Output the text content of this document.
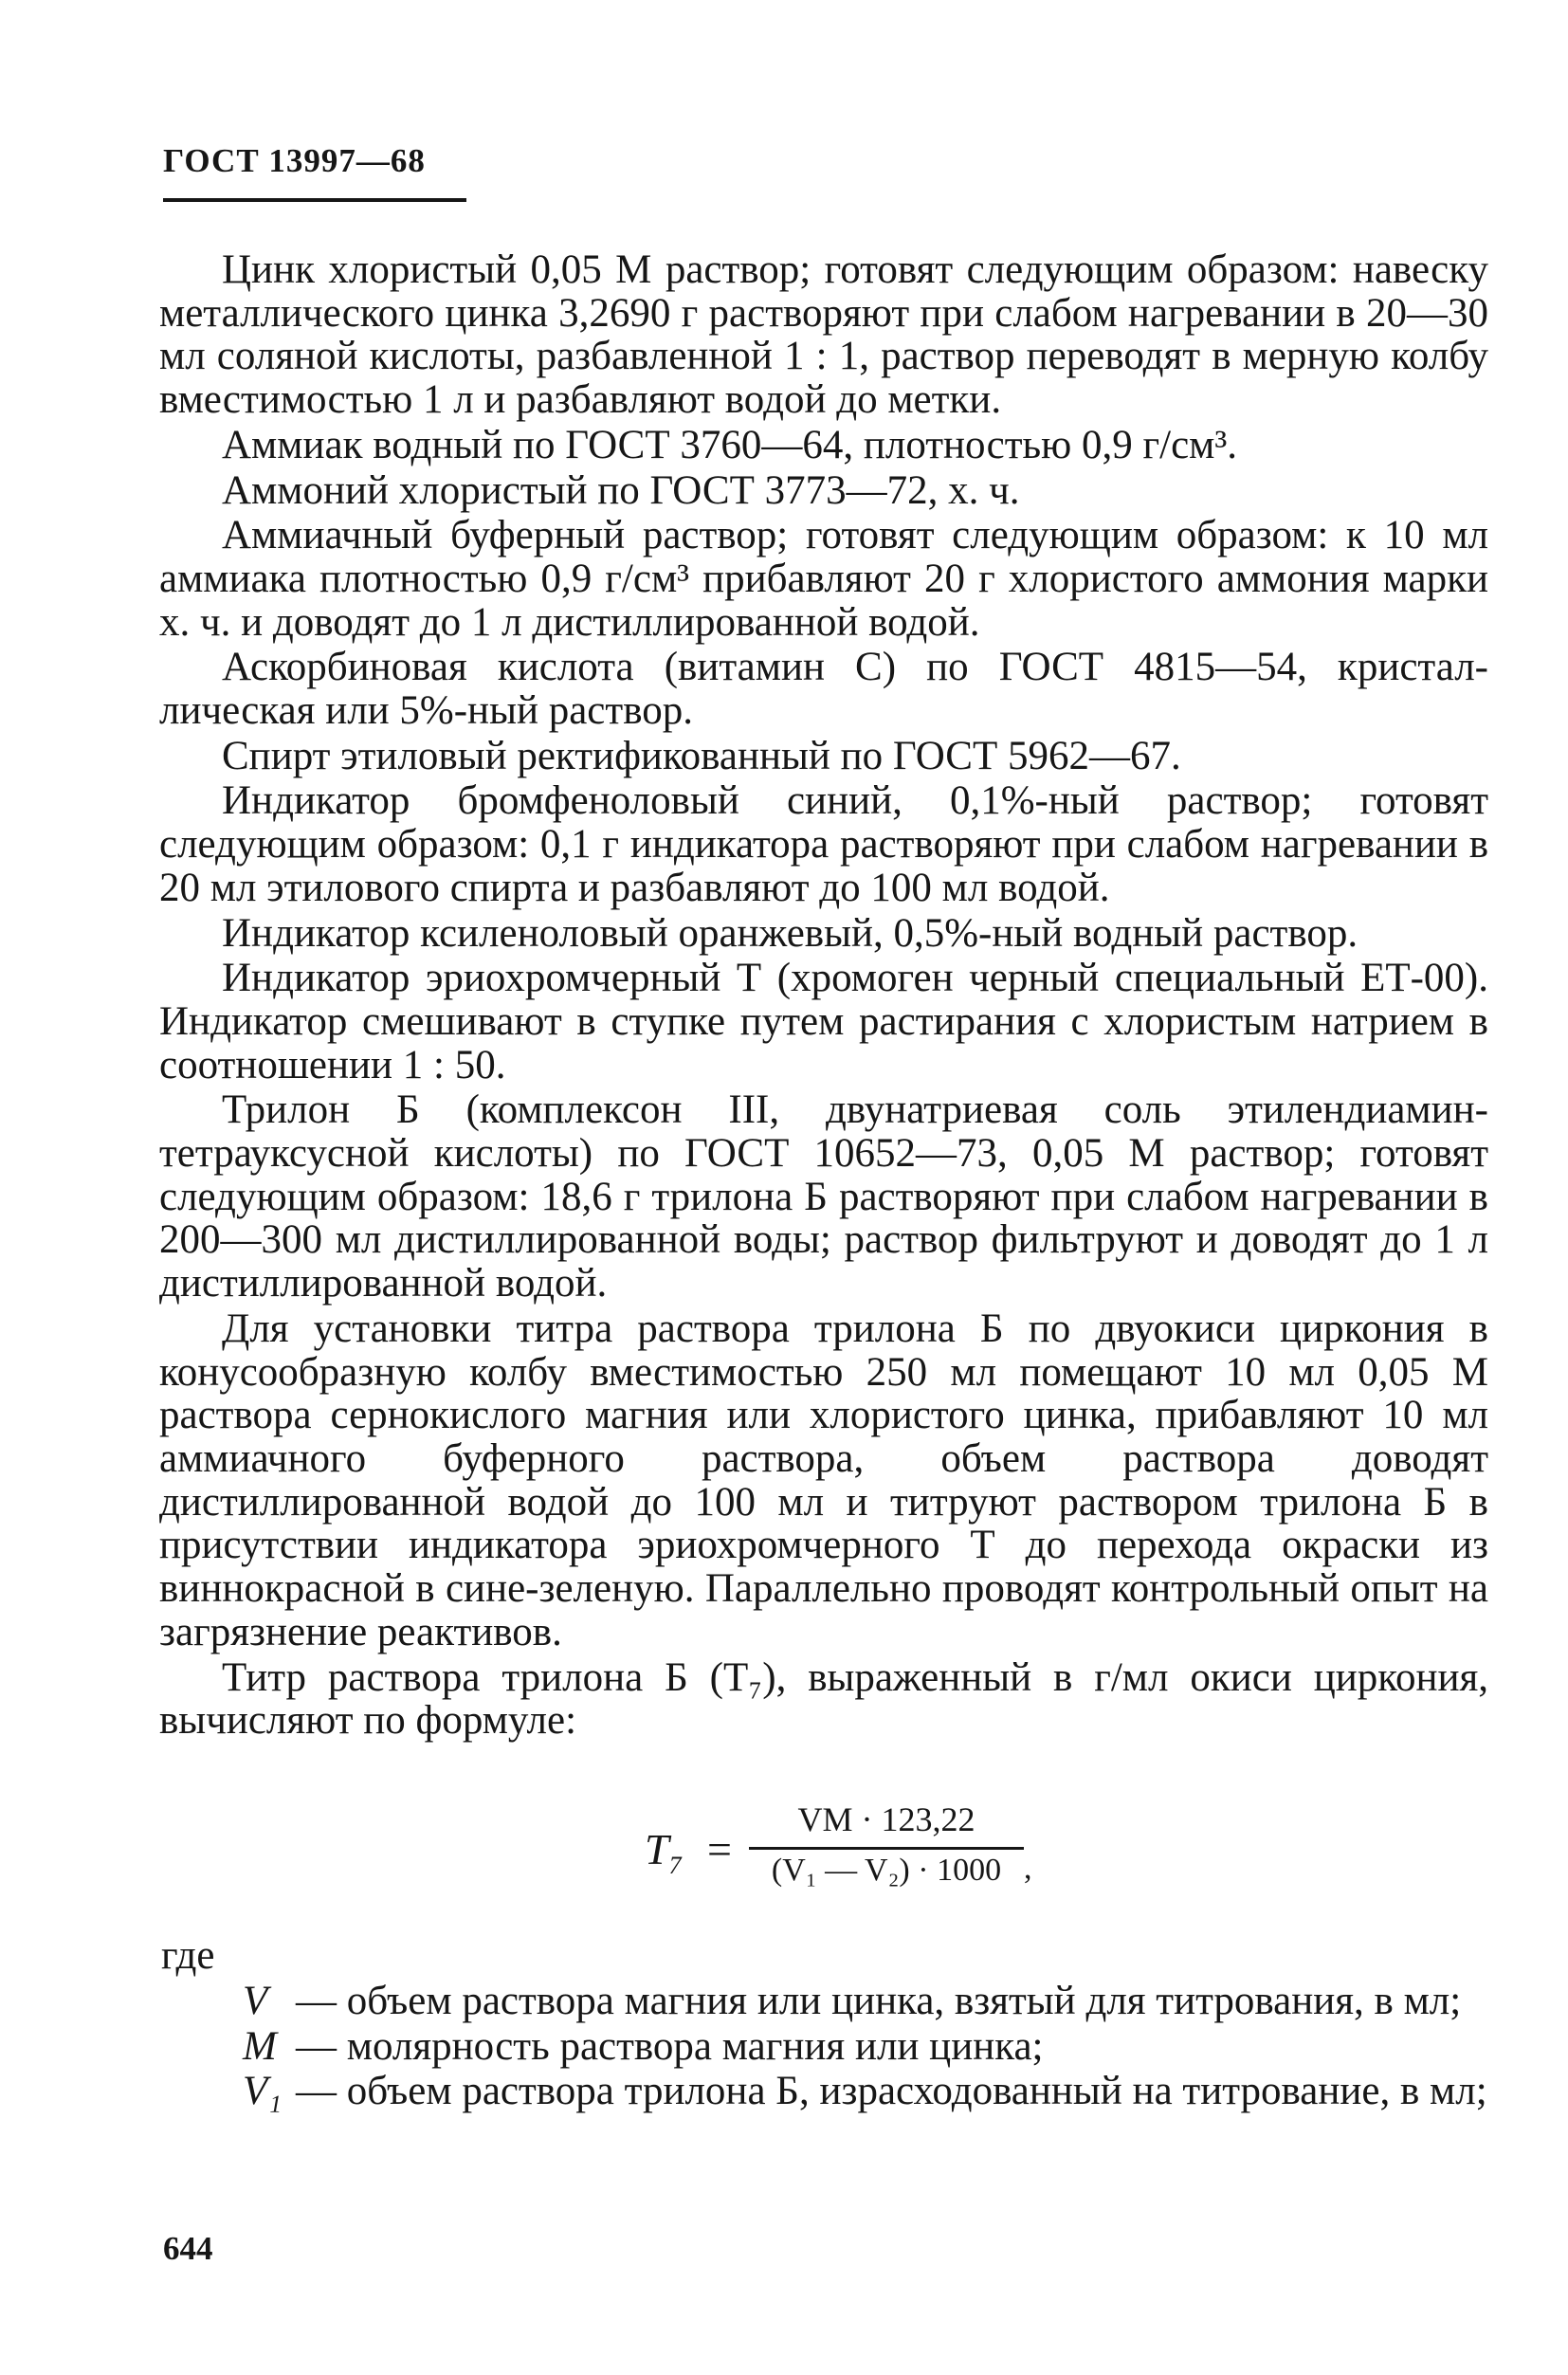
ГОСТ 13997—68

Цинк хлористый 0,05 М раствор; готовят следующим образом: навеску металлического цинка 3,2690 г растворяют при слабом нагревании в 20—30 мл соляной кислоты, разбавленной 1 : 1, раствор переводят в мерную колбу вместимостью 1 л и разбавляют водой до метки.

Аммиак водный по ГОСТ 3760—64, плотностью 0,9 г/см³.

Аммоний хлористый по ГОСТ 3773—72, х. ч.

Аммиачный буферный раствор; готовят следующим образом: к 10 мл аммиака плотностью 0,9 г/см³ прибавляют 20 г хлористого аммония марки х. ч. и доводят до 1 л дистиллированной водой.

Аскорбиновая кислота (витамин С) по ГОСТ 4815—54, кристаллическая или 5%-ный раствор.

Спирт этиловый ректификованный по ГОСТ 5962—67.

Индикатор бромфеноловый синий, 0,1%-ный раствор; готовят следующим образом: 0,1 г индикатора растворяют при слабом нагревании в 20 мл этилового спирта и разбавляют до 100 мл водой.

Индикатор ксиленоловый оранжевый, 0,5%-ный водный раствор.

Индикатор эриохромчерный Т (хромоген черный специальный ЕТ-00). Индикатор смешивают в ступке путем растирания с хлористым натрием в соотношении 1 : 50.

Трилон Б (комплексон III, двунатриевая соль этилендиаминтетрауксусной кислоты) по ГОСТ 10652—73, 0,05 М раствор; готовят следующим образом: 18,6 г трилона Б растворяют при слабом нагревании в 200—300 мл дистиллированной воды; раствор фильтруют и доводят до 1 л дистиллированной водой.

Для установки титра раствора трилона Б по двуокиси циркония в конусообразную колбу вместимостью 250 мл помещают 10 мл 0,05 М раствора сернокислого магния или хлористого цинка, прибавляют 10 мл аммиачного буферного раствора, объем раствора доводят дистиллированной водой до 100 мл и титруют раствором трилона Б в присутствии индикатора эриохромчерного Т до перехода окраски из виннокрасной в сине-зеленую. Параллельно проводят контрольный опыт на загрязнение реактивов.

Титр раствора трилона Б (T₇), выраженный в г/мл окиси циркония, вычисляют по формуле:

$T_7$ =
VM · 123,22
(V₁ — V₂) · 1000 ,
где
V — объем раствора магния или цинка, взятый для титрования, в мл;
M — молярность раствора магния или цинка;
V₁ — объем раствора трилона Б, израсходованный на титрование, в мл;
644
